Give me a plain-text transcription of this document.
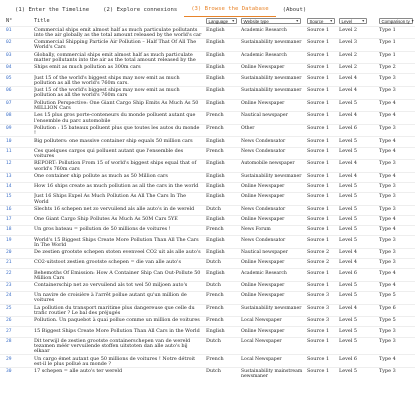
(1) Enter the Timeline	(2) Explore connexions	(3) Browse the Database	(About)
N°	Title	Language ▼	Website type ▼	Source ▼	Level ▼	Comparison ty ▼

01	Commercial ships emit almost half as much particulate pollutants into the air globally as the total amount released by the world's car	English	Academic Research	Source 1	Level 2	Type 1
02	Commercial Shipping Particle Air Pollution – Half That Of All The World's Cars	English	Sustainability newsmaner	Source 1	Level 3	Type 1
03	Globally, commercial ships emit almost half as much particulate matter pollutants into the air as the total amount released by the	English	Academic Research	Source 1	Level 2	Type 1
04	Ships emit as much pollution as 300m cars	English	Online Newspaper	Source 1	Level 2	Type 2
05	Just 15 of the world's biggest ships may now emit as much pollution as all the world's 760m cars.	English	Sustainability newsmaner	Source 1	Level 4	Type 3
06	Just 15 of the world's biggest ships may now emit as much pollution as all the world's 760m cars	English	Sustainability newsmaner	Source 1	Level 4	Type 3
07	Pollution Perspective: One Giant Cargo Ship Emits As Much As 50 MILLION Cars	English	Online Newspaper	Source 1	Level 5	Type 4
08	Les 15 plus gros porte-conteneurs du monde polluent autant que l'ensemble du parc automobile	French	Nautical newspaper	Source 1	Level 4	Type 4
09	Pollution : 15 bateaux polluent plus que toutes les autos du monde !	French	Other	Source 1	Level 6	Type 3
10	Big polluters: one massive container ship equals 50 million cars	English	News Condensator	Source 1	Level 5	Type 4
11	Ces quelques cargos qui polluent autant que l'ensemble des voitures	French	News Condensator	Source 1	Level 5	Type 4
12	REPORT: Pollution From 15 of world's biggest ships equal that of world's 760m cars	English	Automobile newspaper	Source 1	Level 4	Type 3
13	One container ship pollute as much as 50 Million cars	English	Sustainability newsmaner	Source 1	Level 4	Type 4
14	How 16 ships create as much pollution as all the cars in the world	English	Online Newspaper	Source 1	Level 5	Type 3
15	Just 16 Ships Expel As Much Pollution As All The Cars In The World	English	Online Newspaper	Source 1	Level 5	Type 3
16	Slechts 16 schepen net zo vervuilend als alle auto's in de wereld	Dutch	News Condensator	Source 1	Level 5	Type 3
17	One Giant Cargo Ship Pollutes As Much As 50M Cars 5YE	English	Online Newspaper	Source 1	Level 5	Type 4
18	Un gros bateau = pollution de 50 millions de voitures !	French	News Forum	Source 1	Level 5	Type 4
19	World's 15 Biggest Ships Create More Pollution Than All The Cars In The World	English	News Condensator	Source 1	Level 5	Type 3
20	De zestien grootste schepen stoten evenveel CO2 uit als alle auto's	English	Nautical newspaper	Source 2	Level 4	Type 3
21	CO2-uitstoot zestien grootste schepen = die van alle auto's	Dutch	Online Newspaper	Source 2	Level 4	Type 3
22	Behemoths Of Emission: How A Container Ship Can Out-Pollute 50 Million Cars	English	Academic Research	Source 1	Level 6	Type 4
23	Containerschip net zo vervuilend als tot wel 50 miljoen auto's	Dutch	Online Newspaper	Source 1	Level 5	Type 4
24	Un navire de croisière à l'arrêt pollue autant qu'un million de voitures	French	Online Newspaper	Source 3	Level 5	Type 5
25	La pollution du transport maritime plus dangereuse que celle du trafic routier ? Le bal des préjugés	French	Sustainability newsmaner	Source 3	Level 4	Type 6
26	Pollution. Un paquebot à quai pollue comme un million de voitures	French	Local Newspaper	Source 3	Level 5	Type 5
27	15 Biggest Ships Create More Pollution Than All Cars in the World	English	Online Newspaper	Source 1	Level 5	Type 3
28	Dit terwijl de zestien grootste containerschepen van de wereld tezamen méér vervuilende stoffen uitstoten dan alle auto's bij elkaar	Dutch	Local Newspaper	Source 1	Level 5	Type 3
29	Un cargo émet autant que 50 millions de voitures ! Notre détroit est-il le plus pollué au monde ?	French	Local Newspaper	Source 1	Level 6	Type 4
30	17 schepen = alle auto's ter wereld	Dutch	Sustainability mainstream newsmaner	Source 1	Level 5	Type 3
